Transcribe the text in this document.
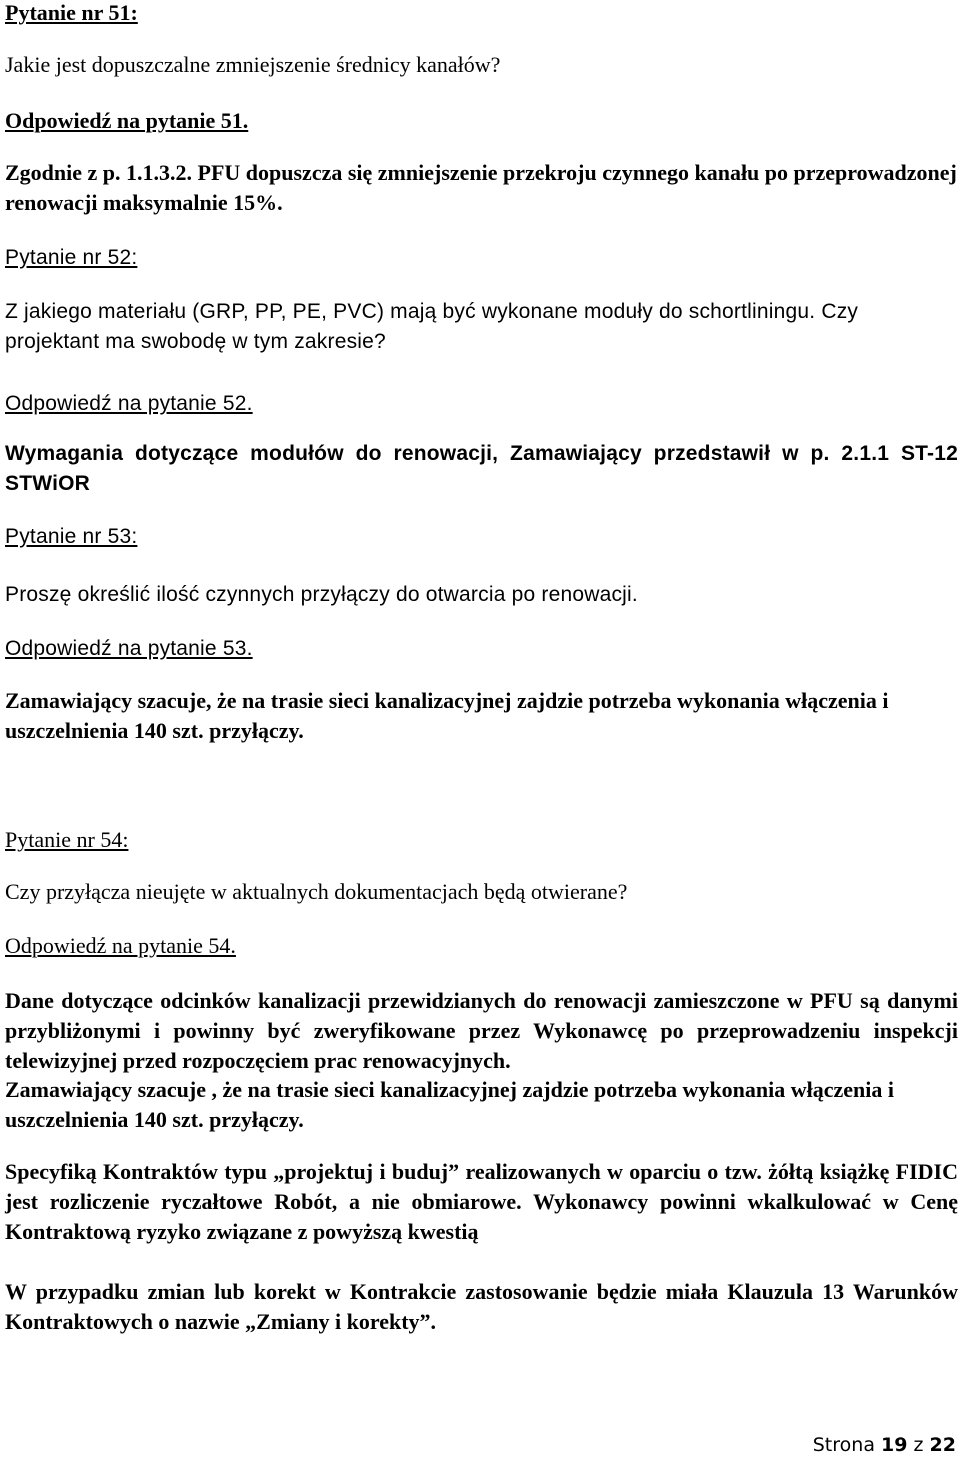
Pytanie nr 51:

Jakie jest dopuszczalne zmniejszenie średnicy kanałów?

Odpowiedź na pytanie 51.

Zgodnie z p. 1.1.3.2. PFU dopuszcza się zmniejszenie przekroju czynnego kanału po przeprowadzonej renowacji maksymalnie 15%.

Pytanie nr 52:

Z jakiego materiału (GRP, PP, PE, PVC) mają być wykonane moduły do schortliningu. Czy projektant ma swobodę w tym zakresie?

Odpowiedź na pytanie 52.

Wymagania dotyczące modułów do renowacji, Zamawiający przedstawił w p. 2.1.1 ST-12 STWiOR

Pytanie nr 53:

Proszę określić ilość czynnych przyłączy do otwarcia po renowacji.

Odpowiedź na pytanie 53.

Zamawiający szacuje, że na trasie sieci kanalizacyjnej zajdzie potrzeba wykonania włączenia i uszczelnienia 140 szt. przyłączy.

Pytanie nr 54:

Czy przyłącza nieujęte w aktualnych dokumentacjach będą otwierane?

Odpowiedź na pytanie 54.

Dane dotyczące odcinków kanalizacji przewidzianych do renowacji zamieszczone w PFU są danymi przybliżonymi i powinny być zweryfikowane przez Wykonawcę po przeprowadzeniu inspekcji telewizyjnej przed rozpoczęciem prac renowacyjnych.

Zamawiający szacuje , że na trasie sieci kanalizacyjnej zajdzie potrzeba wykonania włączenia i uszczelnienia 140 szt. przyłączy.

Specyfiką Kontraktów typu „projektuj i buduj” realizowanych w oparciu o tzw. żółtą książkę FIDIC jest rozliczenie ryczałtowe Robót, a nie obmiarowe. Wykonawcy powinni wkalkulować w Cenę Kontraktową ryzyko związane z powyższą kwestią

W przypadku zmian lub korekt w Kontrakcie zastosowanie będzie miała Klauzula 13 Warunków Kontraktowych o nazwie „Zmiany i korekty”.

Strona 19 z 22
